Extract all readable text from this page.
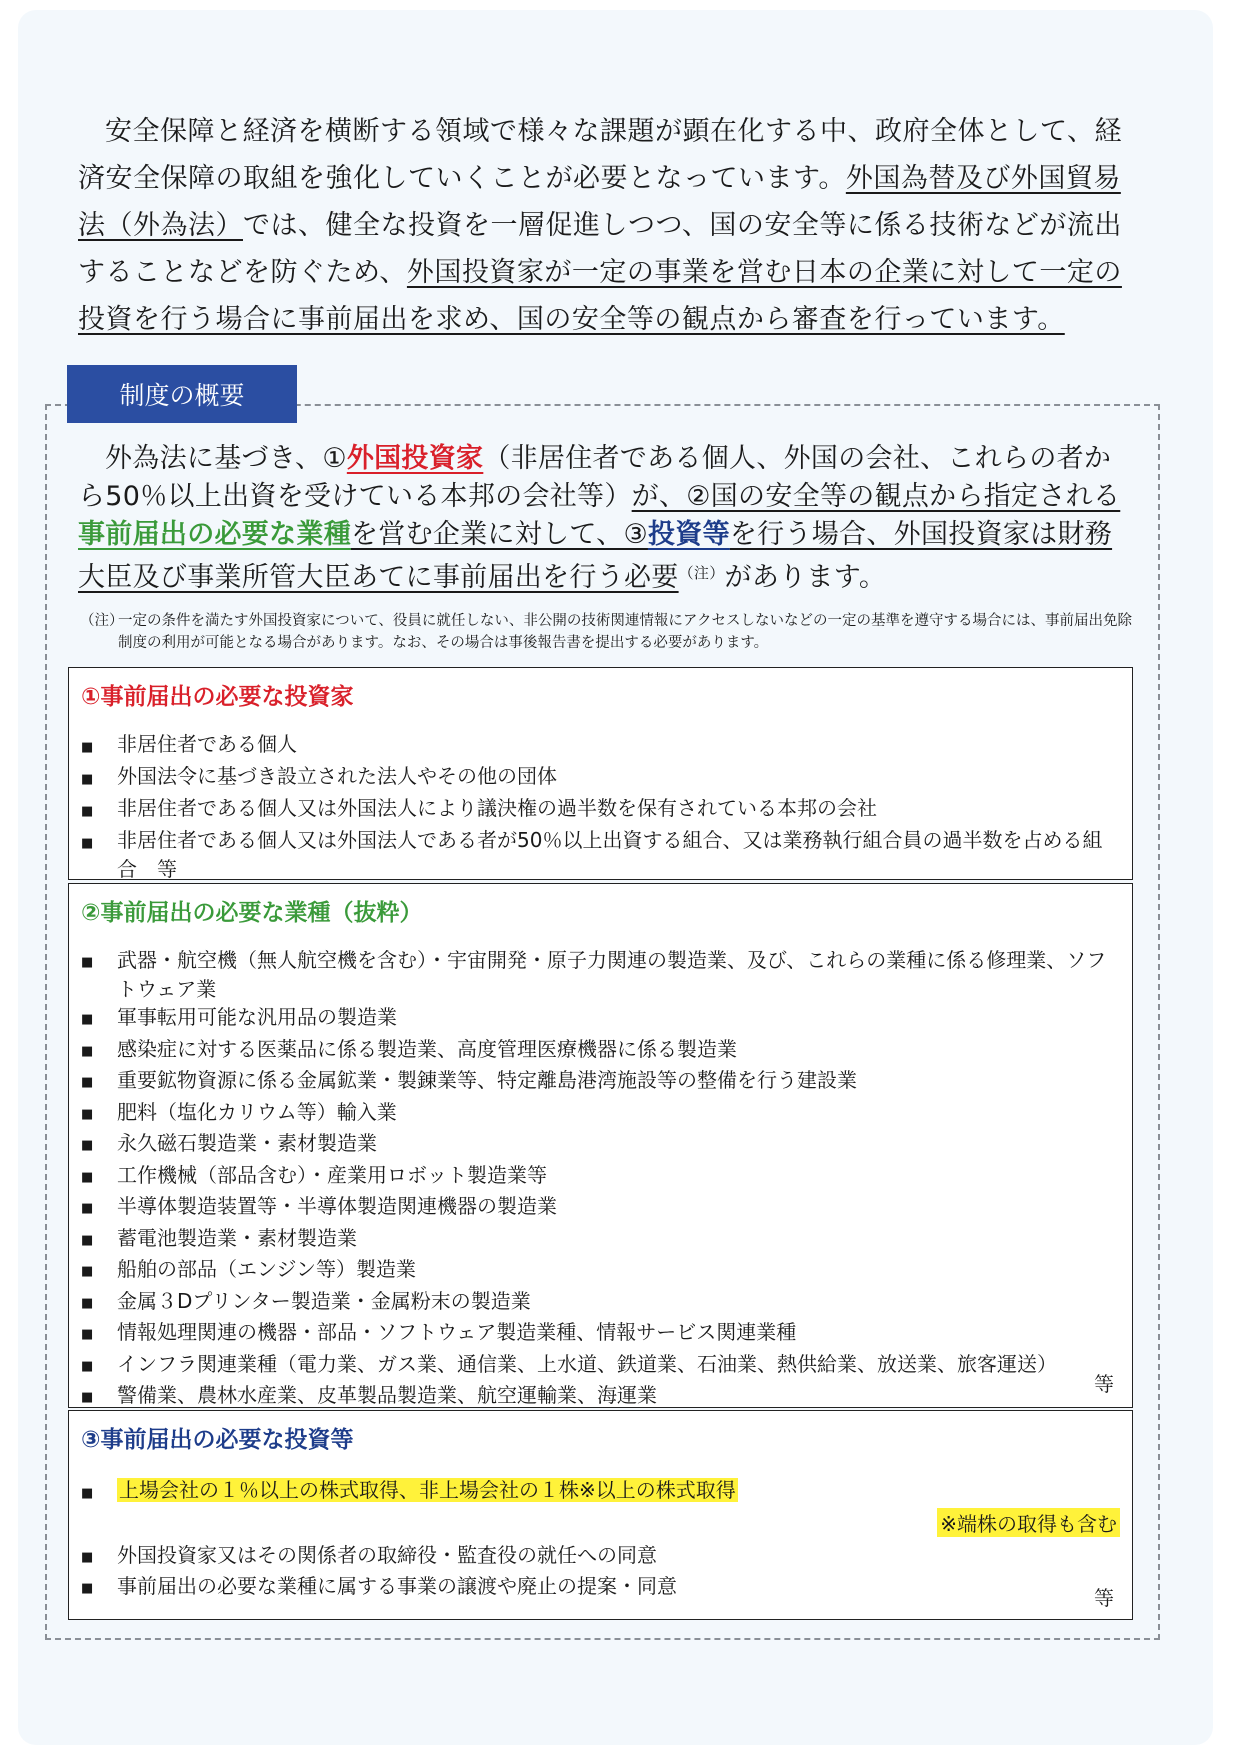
安全保障と経済を横断する領域で様々な課題が顕在化する中、政府全体として、経済安全保障の取組を強化していくことが必要となっています。外国為替及び外国貿易法（外為法）では、健全な投資を一層促進しつつ、国の安全等に係る技術などが流出することなどを防ぐため、外国投資家が一定の事業を営む日本の企業に対して一定の投資を行う場合に事前届出を求め、国の安全等の観点から審査を行っています。

制度の概要

外為法に基づき、①外国投資家（非居住者である個人、外国の会社、これらの者から50％以上出資を受けている本邦の会社等）が、②国の安全等の観点から指定される事前届出の必要な業種を営む企業に対して、③投資等を行う場合、外国投資家は財務大臣及び事業所管大臣あてに事前届出を行う必要$^{(注)}$があります。

（注）
一定の条件を満たす外国投資家について、役員に就任しない、非公開の技術関連情報にアクセスしないなどの一定の基準を遵守する場合には、事前届出免除制度の利用が可能となる場合があります。なお、その場合は事後報告書を提出する必要があります。
①事前届出の必要な投資家
■	非居住者である個人
■	外国法令に基づき設立された法人やその他の団体
■	非居住者である個人又は外国法人により議決権の過半数を保有されている本邦の会社
■	非居住者である個人又は外国法人である者が50％以上出資する組合、又は業務執行組合員の過半数を占める組合　等
②事前届出の必要な業種（抜粋）
■	武器・航空機（無人航空機を含む）・宇宙開発・原子力関連の製造業、及び、これらの業種に係る修理業、ソフトウェア業
■	軍事転用可能な汎用品の製造業
■	感染症に対する医薬品に係る製造業、高度管理医療機器に係る製造業
■	重要鉱物資源に係る金属鉱業・製錬業等、特定離島港湾施設等の整備を行う建設業
■	肥料（塩化カリウム等）輸入業
■	永久磁石製造業・素材製造業
■	工作機械（部品含む）・産業用ロボット製造業等
■	半導体製造装置等・半導体製造関連機器の製造業
■	蓄電池製造業・素材製造業
■	船舶の部品（エンジン等）製造業
■	金属３Dプリンター製造業・金属粉末の製造業
■	情報処理関連の機器・部品・ソフトウェア製造業種、情報サービス関連業種
■	インフラ関連業種（電力業、ガス業、通信業、上水道、鉄道業、石油業、熱供給業、放送業、旅客運送）
■	警備業、農林水産業、皮革製品製造業、航空運輸業、海運業	等
③事前届出の必要な投資等
■	上場会社の１％以上の株式取得、非上場会社の１株※以上の株式取得
※端株の取得も含む
■	外国投資家又はその関係者の取締役・監査役の就任への同意
■	事前届出の必要な業種に属する事業の譲渡や廃止の提案・同意	等
